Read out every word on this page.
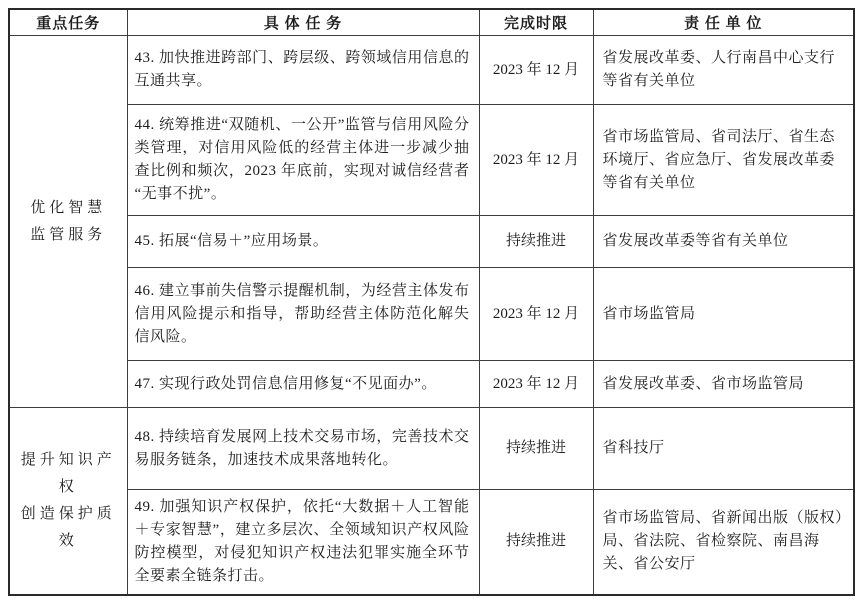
重点任务	具 体 任 务	完成时限	责 任 单 位

优化智慧
监管服务	43. 加快推进跨部门、跨层级、跨领域信用信息的互通共享。	2023 年 12 月	省发展改革委、人行南昌中心支行等省有关单位
	44. 统筹推进“双随机、一公开”监管与信用风险分类管理，对信用风险低的经营主体进一步减少抽查比例和频次，2023 年底前，实现对诚信经营者“无事不扰”。	2023 年 12 月	省市场监管局、省司法厅、省生态环境厅、省应急厅、省发展改革委等省有关单位
	45. 拓展“信易＋”应用场景。	持续推进	省发展改革委等省有关单位
	46. 建立事前失信警示提醒机制，为经营主体发布信用风险提示和指导，帮助经营主体防范化解失信风险。	2023 年 12 月	省市场监管局
	47. 实现行政处罚信息信用修复“不见面办”。	2023 年 12 月	省发展改革委、省市场监管局

提升知识产权
创造保护质效	48. 持续培育发展网上技术交易市场，完善技术交易服务链条，加速技术成果落地转化。	持续推进	省科技厅
	49. 加强知识产权保护，依托“大数据＋人工智能＋专家智慧”，建立多层次、全领域知识产权风险防控模型，对侵犯知识产权违法犯罪实施全环节全要素全链条打击。	持续推进	省市场监管局、省新闻出版（版权）局、省法院、省检察院、南昌海关、省公安厅
